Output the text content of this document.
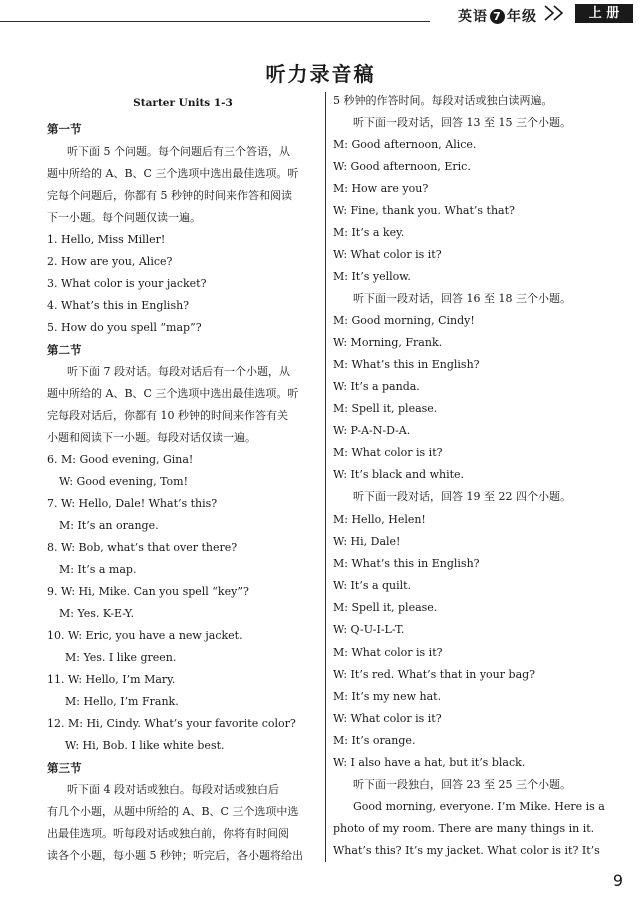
英语 7 年级	上 册
听力录音稿
Starter Units 1-3
第一节
听下面 5 个问题。每个问题后有三个答语，从
题中所给的 A、B、C 三个选项中选出最佳选项。听
完每个问题后，你都有 5 秒钟的时间来作答和阅读
下一小题。每个问题仅读一遍。
1. Hello, Miss Miller!
2. How are you, Alice?
3. What color is your jacket?
4. What’s this in English?
5. How do you spell “map”?
第二节
听下面 7 段对话。每段对话后有一个小题，从
题中所给的 A、B、C 三个选项中选出最佳选项。听
完每段对话后，你都有 10 秒钟的时间来作答有关
小题和阅读下一小题。每段对话仅读一遍。
6. M: Good evening, Gina!
W: Good evening, Tom!
7. W: Hello, Dale! What’s this?
M: It’s an orange.
8. W: Bob, what’s that over there?
M: It’s a map.
9. W: Hi, Mike. Can you spell “key”?
M: Yes. K-E-Y.
10. W: Eric, you have a new jacket.
M: Yes. I like green.
11. W: Hello, I’m Mary.
M: Hello, I’m Frank.
12. M: Hi, Cindy. What’s your favorite color?
W: Hi, Bob. I like white best.
第三节
听下面 4 段对话或独白。每段对话或独白后
有几个小题，从题中所给的 A、B、C 三个选项中选
出最佳选项。听每段对话或独白前，你将有时间阅
读各个小题，每小题 5 秒钟；听完后，各小题将给出
5 秒钟的作答时间。每段对话或独白读两遍。
听下面一段对话，回答 13 至 15 三个小题。
M: Good afternoon, Alice.
W: Good afternoon, Eric.
M: How are you?
W: Fine, thank you. What’s that?
M: It’s a key.
W: What color is it?
M: It’s yellow.
听下面一段对话，回答 16 至 18 三个小题。
M: Good morning, Cindy!
W: Morning, Frank.
M: What’s this in English?
W: It’s a panda.
M: Spell it, please.
W: P-A-N-D-A.
M: What color is it?
W: It’s black and white.
听下面一段对话，回答 19 至 22 四个小题。
M: Hello, Helen!
W: Hi, Dale!
M: What’s this in English?
W: It’s a quilt.
M: Spell it, please.
W: Q-U-I-L-T.
M: What color is it?
W: It’s red. What’s that in your bag?
M: It’s my new hat.
W: What color is it?
M: It’s orange.
W: I also have a hat, but it’s black.
听下面一段独白，回答 23 至 25 三个小题。
Good morning, everyone. I’m Mike. Here is a
photo of my room. There are many things in it.
What’s this? It’s my jacket. What color is it? It’s
9
